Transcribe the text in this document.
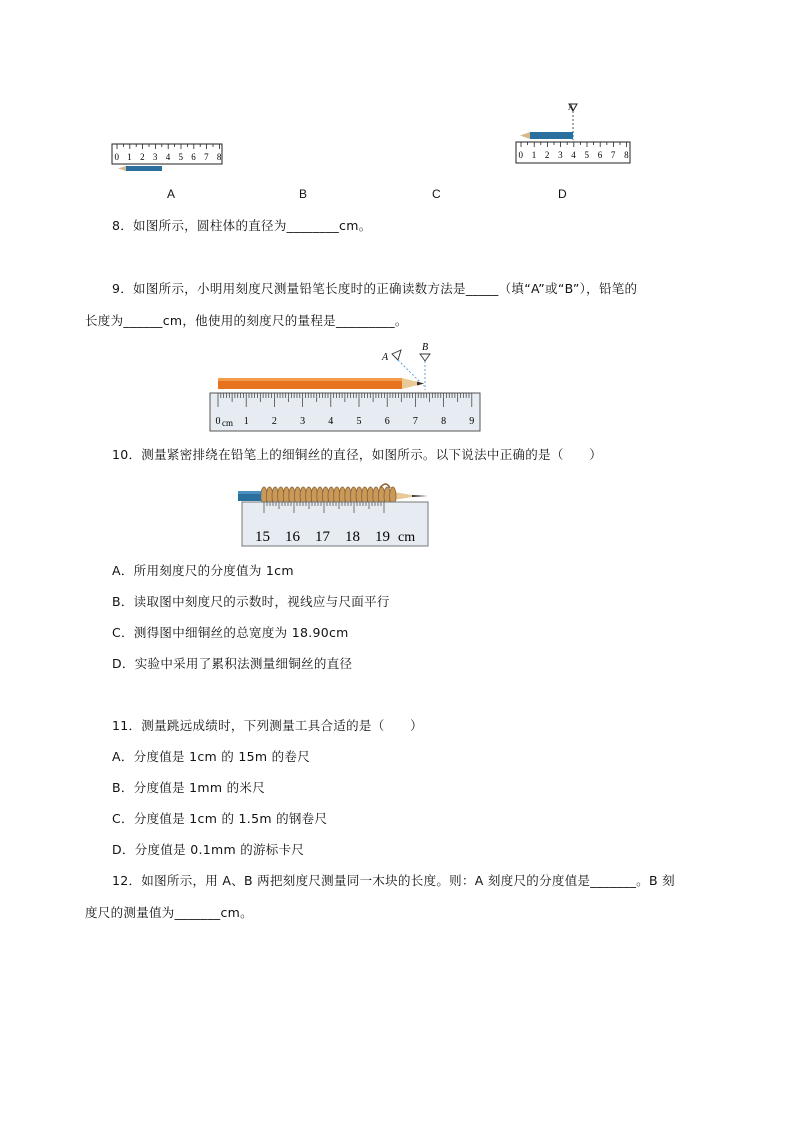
0 1 2 3 4 5 6 7 8
A
0 1 2 3 4 5 6 7 8
A	B	C	D
8．如图所示，圆柱体的直径为________cm。
9．如图所示，小明用刻度尺测量铅笔长度时的正确读数方法是_____（填“A”或“B”），铅笔的
长度为______cm，他使用的刻度尺的量程是_________。
A
B
0 1 2 3 4 5 6 7 8 9
cm
10．测量紧密排绕在铅笔上的细铜丝的直径，如图所示。以下说法中正确的是（　　）
15 16 17 18 19 cm
A．所用刻度尺的分度值为 1cm
B．读取图中刻度尺的示数时，视线应与尺面平行
C．测得图中细铜丝的总宽度为 18.90cm
D．实验中采用了累积法测量细铜丝的直径
11．测量跳远成绩时，下列测量工具合适的是（　　）
A．分度值是 1cm 的 15m 的卷尺
B．分度值是 1mm 的米尺
C．分度值是 1cm 的 1.5m 的钢卷尺
D．分度值是 0.1mm 的游标卡尺
12．如图所示，用 A、B 两把刻度尺测量同一木块的长度。则：A 刻度尺的分度值是_______。B 刻
度尺的测量值为_______cm。
